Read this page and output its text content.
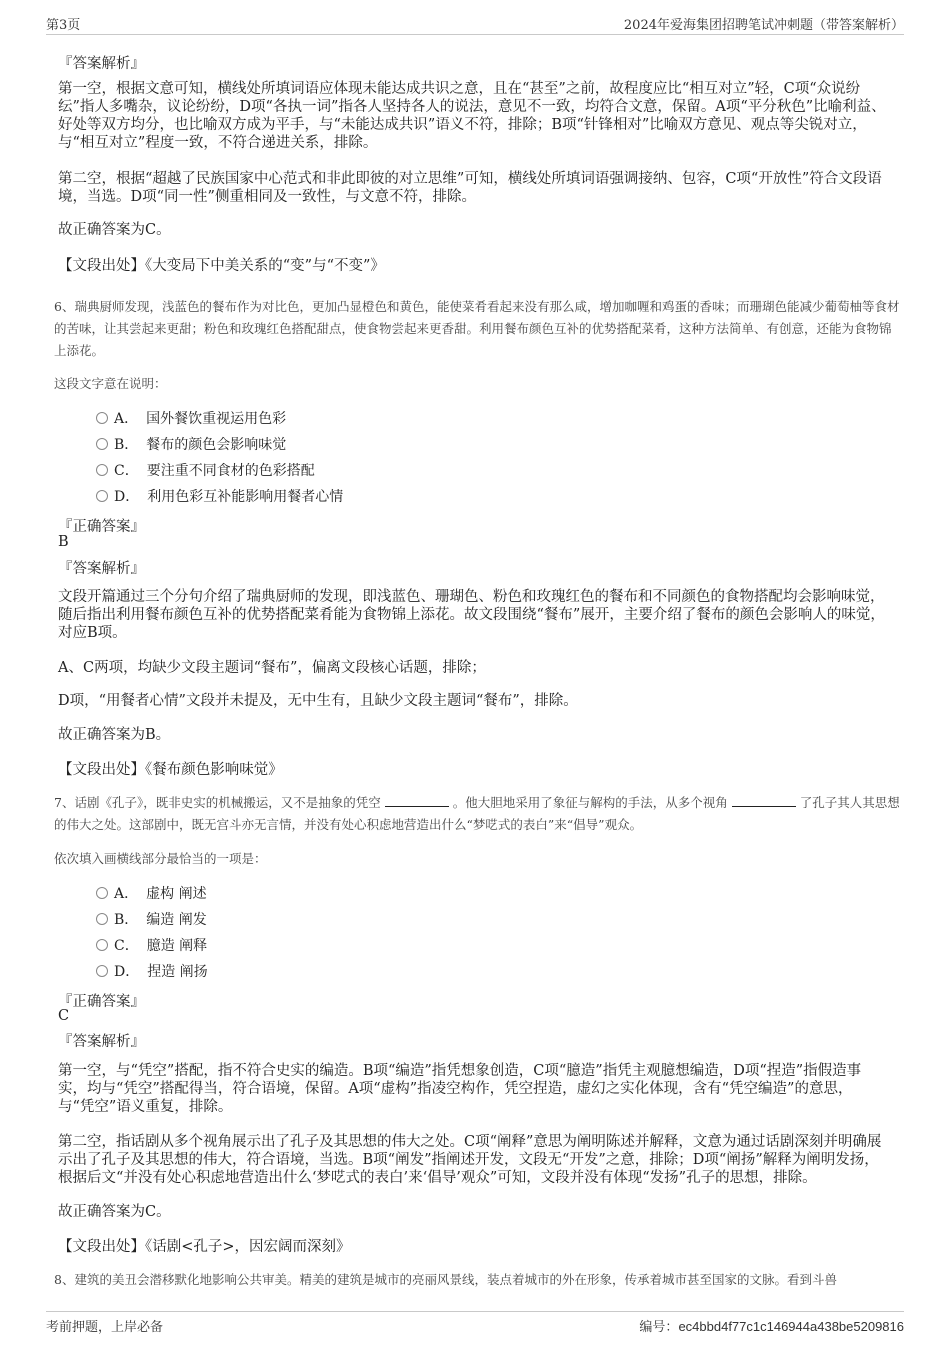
第3页	2024年爱海集团招聘笔试冲刺题（带答案解析）
『答案解析』
第一空，根据文意可知，横线处所填词语应体现未能达成共识之意，且在“甚至”之前，故程度应比“相互对立”轻，C项“众说纷纭”指人多嘴杂，议论纷纷，D项“各执一词”指各人坚持各人的说法，意见不一致，均符合文意，保留。A项“平分秋色”比喻利益、好处等双方均分，也比喻双方成为平手，与“未能达成共识”语义不符，排除；B项“针锋相对”比喻双方意见、观点等尖锐对立，与“相互对立”程度一致，不符合递进关系，排除。
第二空，根据“超越了民族国家中心范式和非此即彼的对立思维”可知，横线处所填词语强调接纳、包容，C项“开放性”符合文段语境，当选。D项“同一性”侧重相同及一致性，与文意不符，排除。
故正确答案为C。
【文段出处】《大变局下中美关系的“变”与“不变”》
6、瑞典厨师发现，浅蓝色的餐布作为对比色，更加凸显橙色和黄色，能使菜肴看起来没有那么咸，增加咖喱和鸡蛋的香味；而珊瑚色能减少葡萄柚等食材的苦味，让其尝起来更甜；粉色和玫瑰红色搭配甜点，使食物尝起来更香甜。利用餐布颜色互补的优势搭配菜肴，这种方法简单、有创意，还能为食物锦上添花。
这段文字意在说明：
A． 国外餐饮重视运用色彩
B． 餐布的颜色会影响味觉
C． 要注重不同食材的色彩搭配
D． 利用色彩互补能影响用餐者心情
『正确答案』
B
『答案解析』
文段开篇通过三个分句介绍了瑞典厨师的发现，即浅蓝色、珊瑚色、粉色和玫瑰红色的餐布和不同颜色的食物搭配均会影响味觉，随后指出利用餐布颜色互补的优势搭配菜肴能为食物锦上添花。故文段围绕“餐布”展开，主要介绍了餐布的颜色会影响人的味觉，对应B项。
A、C两项，均缺少文段主题词“餐布”，偏离文段核心话题，排除；
D项，“用餐者心情”文段并未提及，无中生有，且缺少文段主题词“餐布”，排除。
故正确答案为B。
【文段出处】《餐布颜色影响味觉》
7、话剧《孔子》，既非史实的机械搬运，又不是抽象的凭空	。他大胆地采用了象征与解构的手法，从多个视角	了孔子其人其思想的伟大之处。这部剧中，既无宫斗亦无言情，并没有处心积虑地营造出什么“梦呓式的表白”来“倡导”观众。
依次填入画横线部分最恰当的一项是：
A． 虚构 阐述
B． 编造 阐发
C． 臆造 阐释
D． 捏造 阐扬
『正确答案』
C
『答案解析』
第一空，与“凭空”搭配，指不符合史实的编造。B项“编造”指凭想象创造，C项“臆造”指凭主观臆想编造，D项“捏造”指假造事实，均与“凭空”搭配得当，符合语境，保留。A项“虚构”指凌空构作，凭空捏造，虚幻之实化体现，含有“凭空编造”的意思，与“凭空”语义重复，排除。
第二空，指话剧从多个视角展示出了孔子及其思想的伟大之处。C项“阐释”意思为阐明陈述并解释，文意为通过话剧深刻并明确展示出了孔子及其思想的伟大，符合语境，当选。B项“阐发”指阐述开发，文段无“开发”之意，排除；D项“阐扬”解释为阐明发扬，根据后文“并没有处心积虑地营造出什么‘梦呓式的表白’来‘倡导’观众”可知，文段并没有体现“发扬”孔子的思想，排除。
故正确答案为C。
【文段出处】《话剧<孔子>，因宏阔而深刻》
8、建筑的美丑会潜移默化地影响公共审美。精美的建筑是城市的亮丽风景线，装点着城市的外在形象，传承着城市甚至国家的文脉。看到斗兽
考前押题，上岸必备	编号：ec4bbd4f77c1c146944a438be5209816
